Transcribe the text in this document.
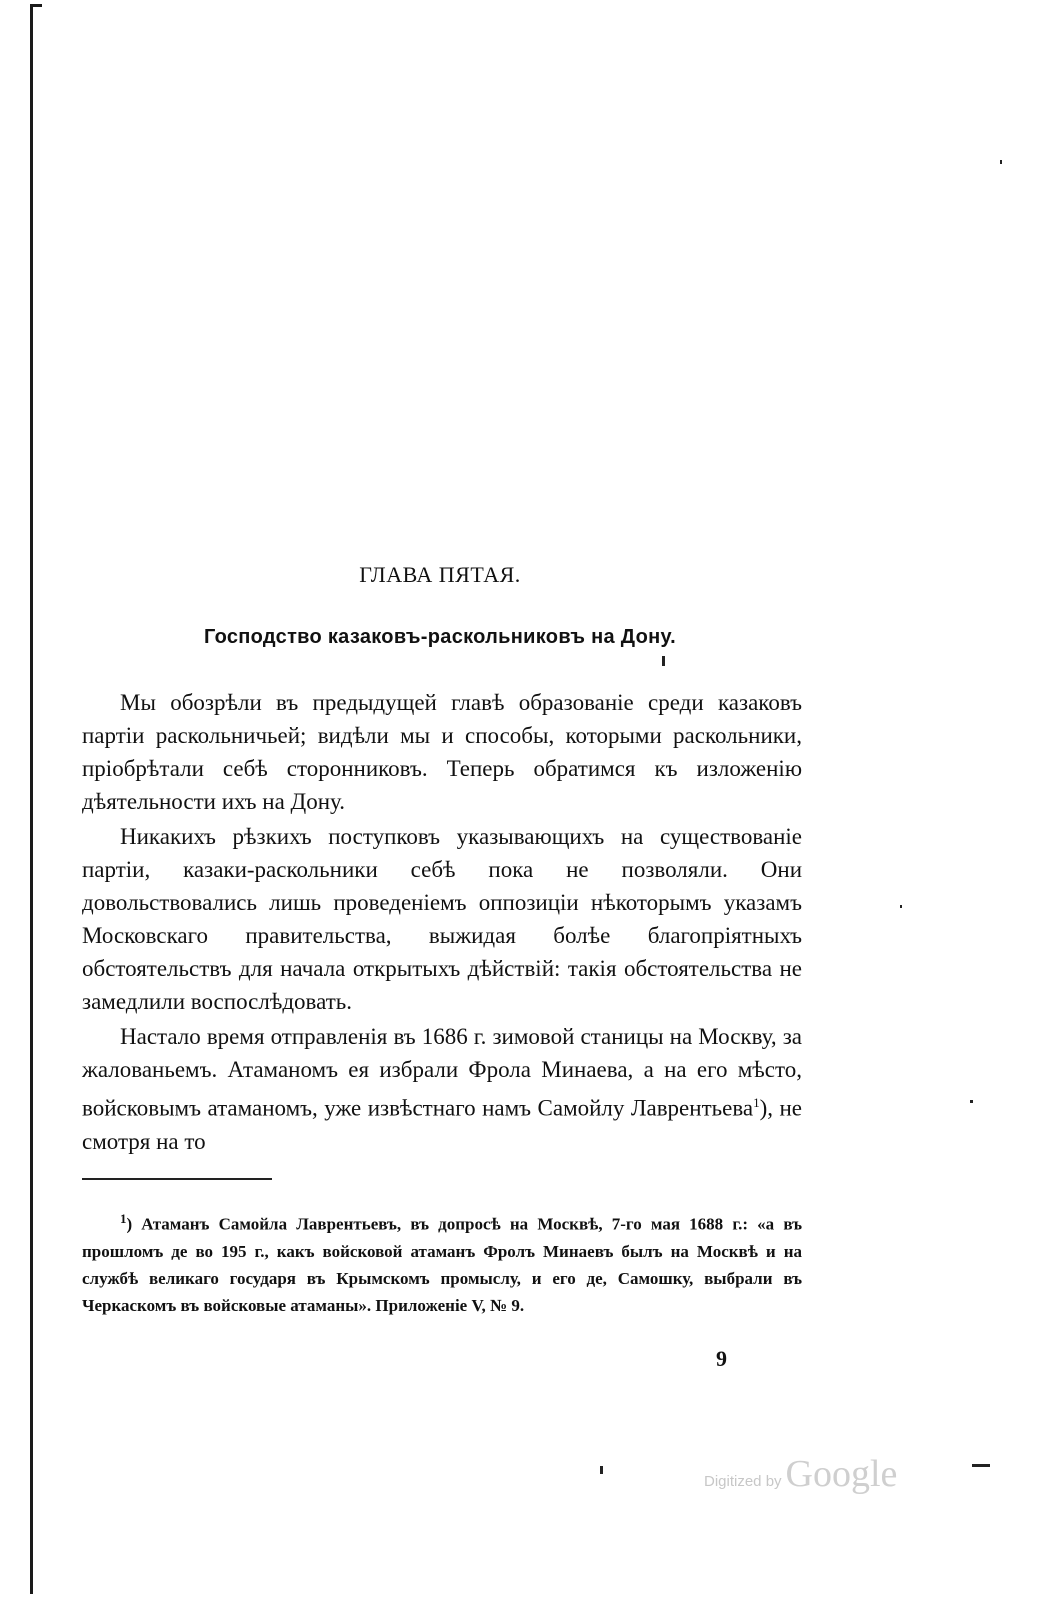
ГЛАВА ПЯТАЯ.
Господство казаковъ-раскольниковъ на Дону.

Мы обозрѣли въ предыдущей главѣ образованіе среди казаковъ партіи раскольничьей; видѣли мы и способы, которыми раскольники, пріобрѣтали себѣ сторонниковъ. Теперь обратимся къ изложенію дѣятельности ихъ на Дону.

Никакихъ рѣзкихъ поступковъ указывающихъ на существованіе партіи, казаки-раскольники себѣ пока не позволяли. Они довольствовались лишь проведеніемъ оппозиціи нѣкоторымъ указамъ Московскаго правительства, выжидая болѣе благопріятныхъ обстоятельствъ для начала открытыхъ дѣйствій: такія обстоятельства не замедлили воспослѣдовать.

Настало время отправленія въ 1686 г. зимовой станицы на Москву, за жалованьемъ. Атаманомъ ея избрали Фрола Минаева, а на его мѣсто, войсковымъ атаманомъ, уже извѣстнаго намъ Самойлу Лаврентьева$^1$), не смотря на то

$^1$) Атаманъ Самойла Лаврентьевъ, въ допросѣ на Москвѣ, 7-го мая 1688 г.: «а въ прошломъ де во 195 г., какъ войсковой атаманъ Фролъ Минаевъ былъ на Москвѣ и на службѣ великаго государя въ Крымскомъ промыслу, и его де, Самошку, выбрали въ Черкаскомъ въ войсковые атаманы». Приложеніе V, № 9.

9
Digitized by Google
